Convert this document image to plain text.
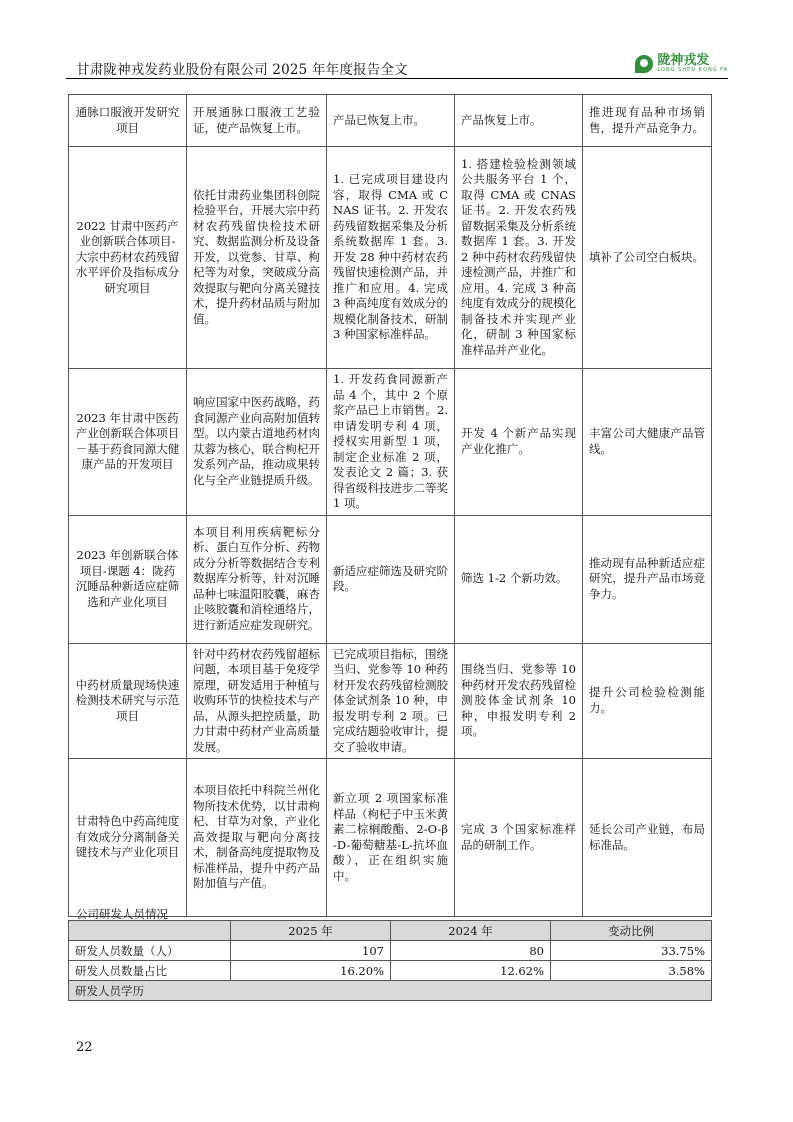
甘肃陇神戎发药业股份有限公司 2025 年年度报告全文
陇神戎发
LONG SHEN RONG FA
通脉口服液开发研究项目	开展通脉口服液工艺验证，使产品恢复上市。	产品已恢复上市。	产品恢复上市。	推进现有品种市场销售，提升产品竞争力。
2022 甘肃中医药产业创新联合体项目-大宗中药材农药残留水平评价及指标成分研究项目	依托甘肃药业集团科创院检验平台，开展大宗中药材农药残留快检技术研究、数据监测分析及设备开发，以党参、甘草、枸杞等为对象，突破成分高效提取与靶向分离关键技术，提升药材品质与附加值。	1. 已完成项目建设内容，取得 CMA 或 CNAS 证书。2. 开发农药残留数据采集及分析系统数据库 1 套。3. 开发 28 种中药材农药残留快速检测产品，并推广和应用。4. 完成 3 种高纯度有效成分的规模化制备技术，研制 3 种国家标准样品。	1. 搭建检验检测领域公共服务平台 1 个，取得 CMA 或 CNAS 证书。2. 开发农药残留数据采集及分析系统数据库 1 套。3. 开发 2 种中药材农药残留快速检测产品，并推广和应用。4. 完成 3 种高纯度有效成分的规模化制备技术并实现产业化，研制 3 种国家标准样品并产业化。	填补了公司空白板块。
2023 年甘肃中医药产业创新联合体项目－基于药食同源大健康产品的开发项目	响应国家中医药战略，药食同源产业向高附加值转型。以内蒙古道地药材肉苁蓉为核心，联合枸杞开发系列产品，推动成果转化与全产业链提质升级。	1. 开发药食同源新产品 4 个，其中 2 个原浆产品已上市销售。2. 申请发明专利 4 项，授权实用新型 1 项，制定企业标准 2 项，发表论文 2 篇；3. 获得省级科技进步二等奖 1 项。	开发 4 个新产品实现产业化推广。	丰富公司大健康产品管线。
2023 年创新联合体项目-课题 4：陇药沉睡品种新适应症筛选和产业化项目	本项目利用疾病靶标分析、蛋白互作分析、药物成分分析等数据结合专利数据库分析等，针对沉睡品种七味温阳胶囊，麻杏止咳胶囊和消栓通络片，进行新适应症发现研究。	新适应症筛选及研究阶段。	筛选 1-2 个新功效。	推动现有品种新适应症研究，提升产品市场竞争力。
中药材质量现场快速检测技术研究与示范项目	针对中药材农药残留超标问题，本项目基于免疫学原理，研发适用于种植与收购环节的快检技术与产品，从源头把控质量，助力甘肃中药材产业高质量发展。	已完成项目指标，围绕当归、党参等 10 种药材开发农药残留检测胶体金试剂条 10 种，申报发明专利 2 项。已完成结题验收审计，提交了验收申请。	围绕当归、党参等 10 种药材开发农药残留检测胶体金试剂条 10 种，申报发明专利 2 项。	提升公司检验检测能力。
甘肃特色中药高纯度有效成分分离制备关键技术与产业化项目	本项目依托中科院兰州化物所技术优势，以甘肃枸杞、甘草为对象，产业化高效提取与靶向分离技术，制备高纯度提取物及标准样品，提升中药产品附加值与产值。	新立项 2 项国家标准样品（枸杞子中玉米黄素二棕榈酸酯、2-O-β-D-葡萄糖基-L-抗坏血酸），正在组织实施中。	完成 3 个国家标准样品的研制工作。	延长公司产业链，布局标准品。
公司研发人员情况
	2025 年	2024 年	变动比例
研发人员数量（人）	107	80	33.75%
研发人员数量占比	16.20%	12.62%	3.58%
研发人员学历			
22
